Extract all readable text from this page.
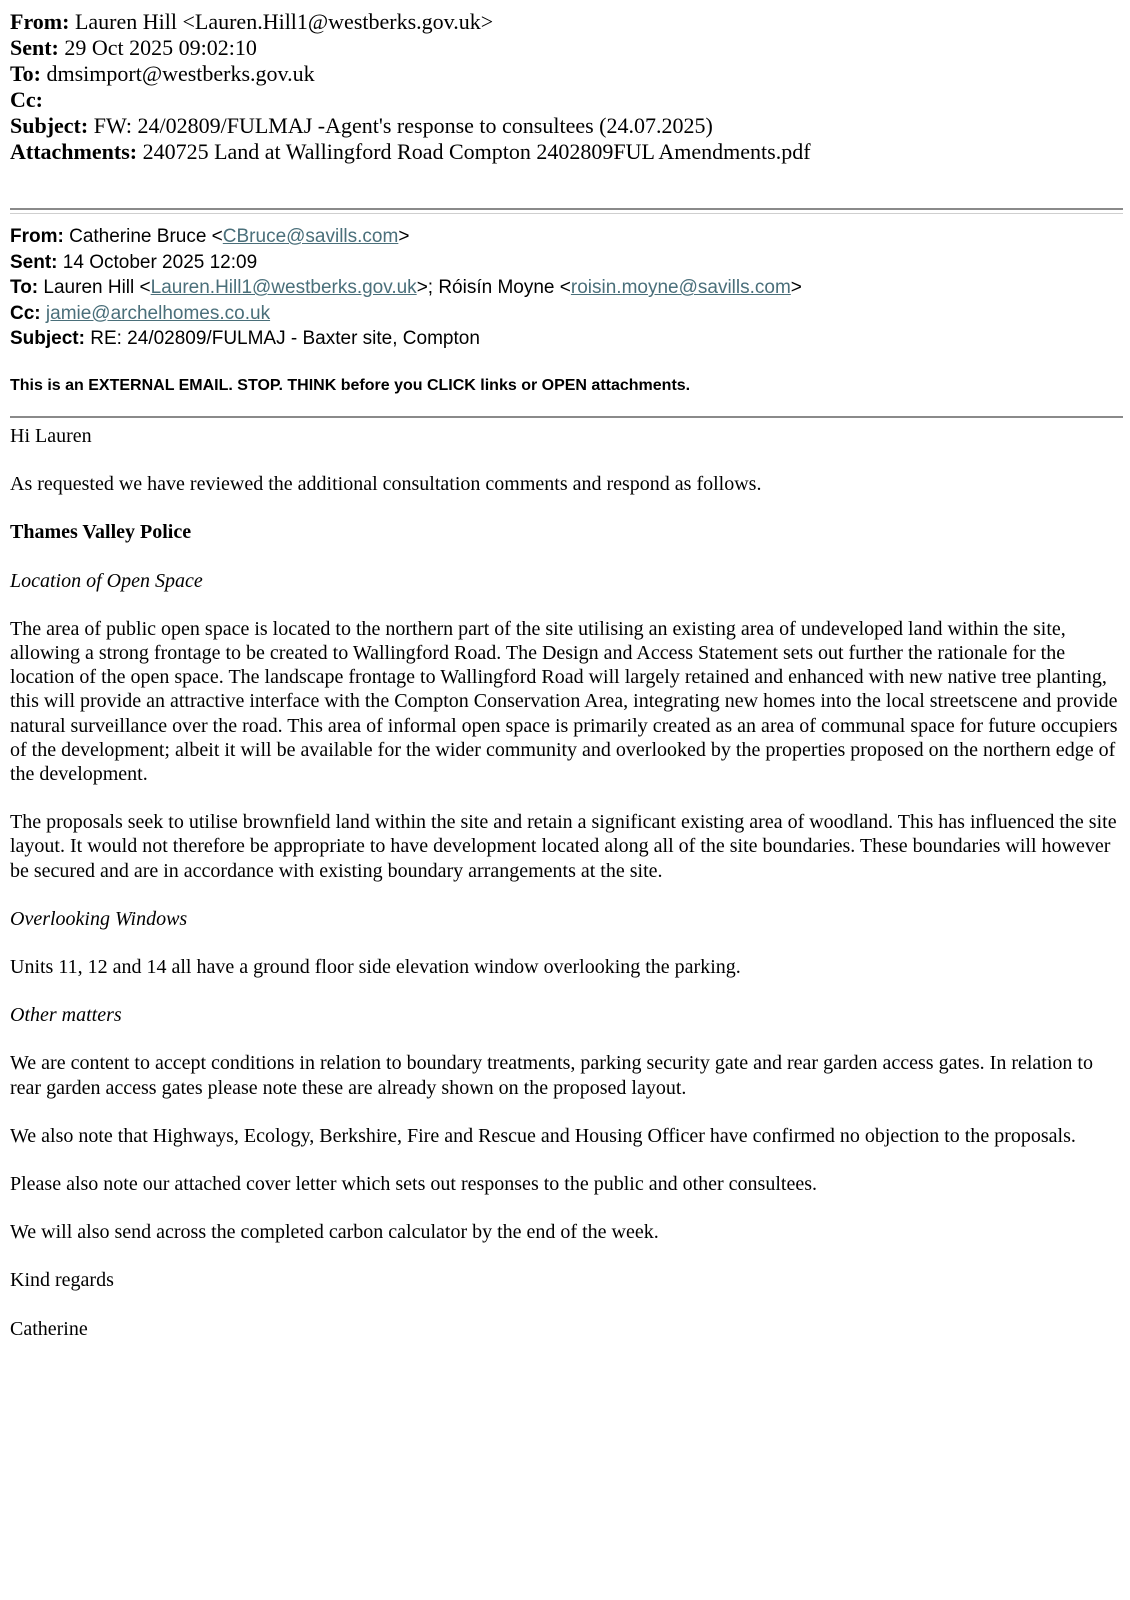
From: Lauren Hill <Lauren.Hill1@westberks.gov.uk>
Sent: 29 Oct 2025 09:02:10
To: dmsimport@westberks.gov.uk
Cc:
Subject: FW: 24/02809/FULMAJ -Agent's response to consultees (24.07.2025)
Attachments: 240725 Land at Wallingford Road Compton 2402809FUL Amendments.pdf
From: Catherine Bruce <CBruce@savills.com>
Sent: 14 October 2025 12:09
To: Lauren Hill <Lauren.Hill1@westberks.gov.uk>; Róisín Moyne <roisin.moyne@savills.com>
Cc: jamie@archelhomes.co.uk
Subject: RE: 24/02809/FULMAJ - Baxter site, Compton
This is an EXTERNAL EMAIL. STOP. THINK before you CLICK links or OPEN attachments.

Hi Lauren

As requested we have reviewed the additional consultation comments and respond as follows.

Thames Valley Police

Location of Open Space

The area of public open space is located to the northern part of the site utilising an existing area of undeveloped land within the site, allowing a strong frontage to be created to Wallingford Road. The Design and Access Statement sets out further the rationale for the location of the open space. The landscape frontage to Wallingford Road will largely retained and enhanced with new native tree planting, this will provide an attractive interface with the Compton Conservation Area, integrating new homes into the local streetscene and provide natural surveillance over the road. This area of informal open space is primarily created as an area of communal space for future occupiers of the development; albeit it will be available for the wider community and overlooked by the properties proposed on the northern edge of the development.

The proposals seek to utilise brownfield land within the site and retain a significant existing area of woodland. This has influenced the site layout. It would not therefore be appropriate to have development located along all of the site boundaries. These boundaries will however be secured and are in accordance with existing boundary arrangements at the site.

Overlooking Windows

Units 11, 12 and 14 all have a ground floor side elevation window overlooking the parking.

Other matters

We are content to accept conditions in relation to boundary treatments, parking security gate and rear garden access gates. In relation to rear garden access gates please note these are already shown on the proposed layout.

We also note that Highways, Ecology, Berkshire, Fire and Rescue and Housing Officer have confirmed no objection to the proposals.

Please also note our attached cover letter which sets out responses to the public and other consultees.

We will also send across the completed carbon calculator by the end of the week.

Kind regards

Catherine
